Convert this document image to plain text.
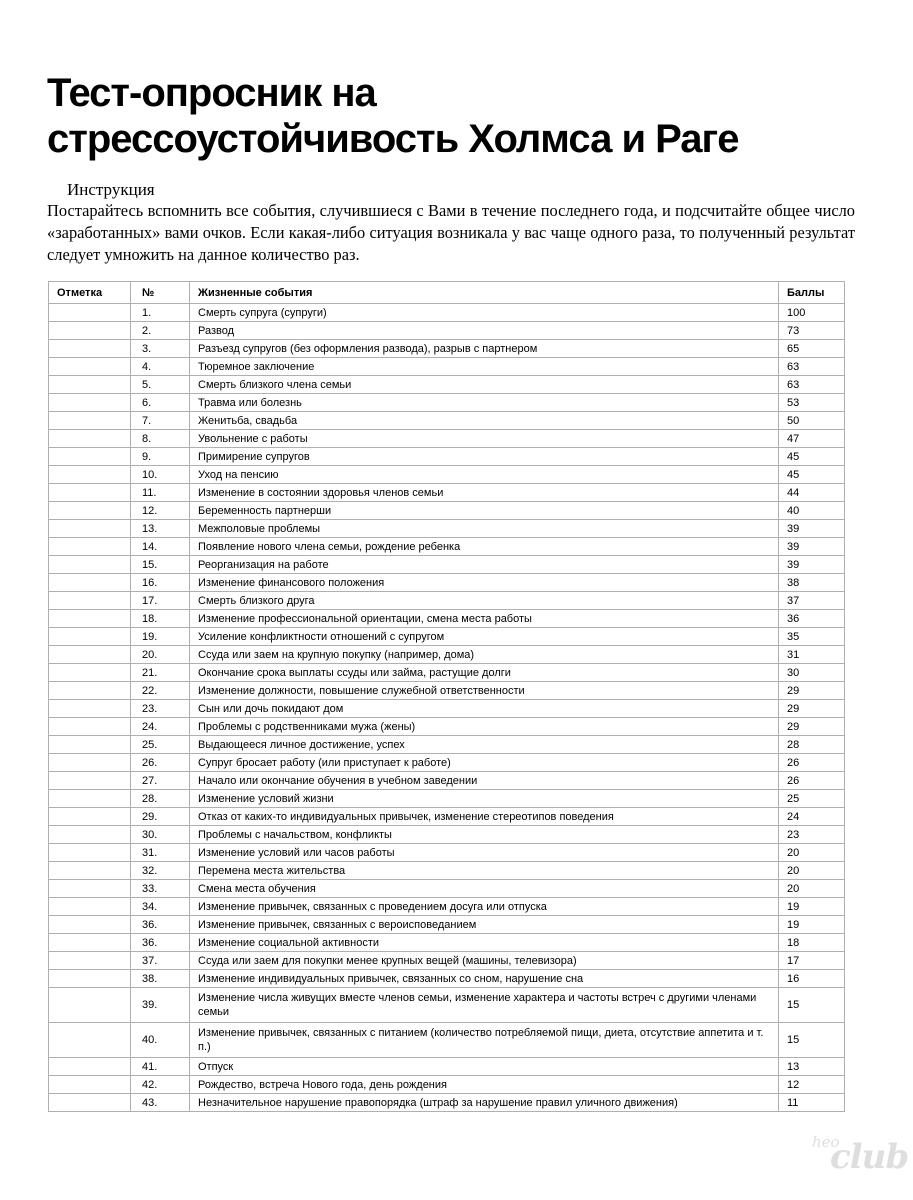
Тест-опросник на
стрессоустойчивость Холмса и Раге
Инструкция
Постарайтесь вспомнить все события, случившиеся с Вами в течение последнего года, и подсчитайте общее число «заработанных» вами очков. Если какая-либо ситуация возникала у вас чаще одного раза, то полученный результат следует умножить на данное количество раз.
Отметка	№	Жизненные события	Баллы
	1.	Смерть супруга (супруги)	100
	2.	Развод	73
	3.	Разъезд супругов (без оформления развода), разрыв с партнером	65
	4.	Тюремное заключение	63
	5.	Смерть близкого члена семьи	63
	6.	Травма или болезнь	53
	7.	Женитьба, свадьба	50
	8.	Увольнение с работы	47
	9.	Примирение супругов	45
	10.	Уход на пенсию	45
	11.	Изменение в состоянии здоровья членов семьи	44
	12.	Беременность партнерши	40
	13.	Межполовые проблемы	39
	14.	Появление нового члена семьи, рождение ребенка	39
	15.	Реорганизация на работе	39
	16.	Изменение финансового положения	38
	17.	Смерть близкого друга	37
	18.	Изменение профессиональной ориентации, смена места работы	36
	19.	Усиление конфликтности отношений с супругом	35
	20.	Ссуда или заем на крупную покупку (например, дома)	31
	21.	Окончание срока выплаты ссуды или займа, растущие долги	30
	22.	Изменение должности, повышение служебной ответственности	29
	23.	Сын или дочь покидают дом	29
	24.	Проблемы с родственниками мужа (жены)	29
	25.	Выдающееся личное достижение, успех	28
	26.	Супруг бросает работу (или приступает к работе)	26
	27.	Начало или окончание обучения в учебном заведении	26
	28.	Изменение условий жизни	25
	29.	Отказ от каких-то индивидуальных привычек, изменение стереотипов поведения	24
	30.	Проблемы с начальством, конфликты	23
	31.	Изменение условий или часов работы	20
	32.	Перемена места жительства	20
	33.	Смена места обучения	20
	34.	Изменение привычек, связанных с проведением досуга или отпуска	19
	36.	Изменение привычек, связанных с вероисповеданием	19
	36.	Изменение социальной активности	18
	37.	Ссуда или заем для покупки менее крупных вещей (машины, телевизора)	17
	38.	Изменение индивидуальных привычек, связанных со сном, нарушение сна	16
	39.	Изменение числа живущих вместе членов семьи, изменение характера и частоты встреч с другими членами семьи	15
	40.	Изменение привычек, связанных с питанием (количество потребляемой пищи, диета, отсутствие аппетита и т. п.)	15
	41.	Отпуск	13
	42.	Рождество, встреча Нового года, день рождения	12
	43.	Незначительное нарушение правопорядка (штраф за нарушение правил уличного движения)	11
heo
club
